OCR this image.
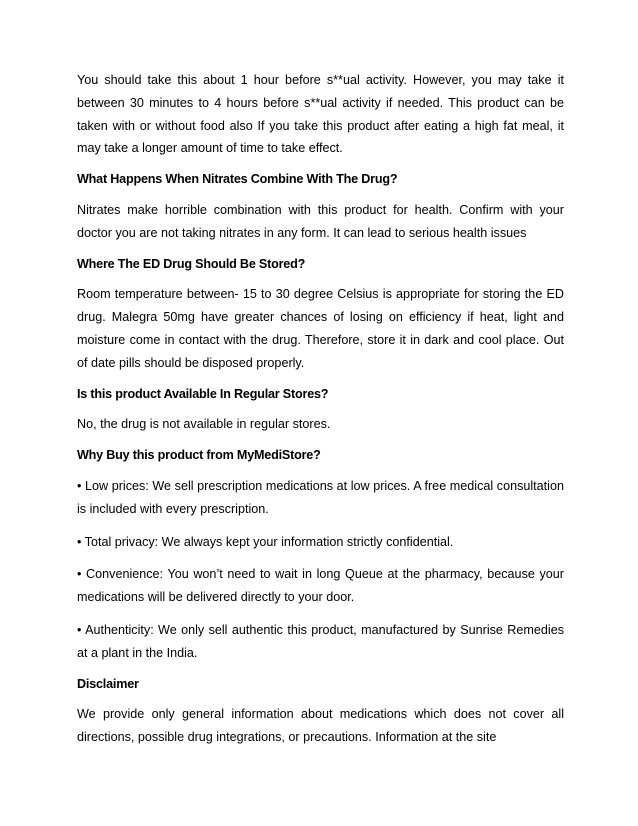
You should take this about 1 hour before s**ual activity. However, you may take it between 30 minutes to 4 hours before s**ual activity if needed. This product can be taken with or without food also If you take this product after eating a high fat meal, it may take a longer amount of time to take effect.

What Happens When Nitrates Combine With The Drug?

Nitrates make horrible combination with this product for health. Confirm with your doctor you are not taking nitrates in any form. It can lead to serious health issues

Where The ED Drug Should Be Stored?

Room temperature between- 15 to 30 degree Celsius is appropriate for storing the ED drug. Malegra 50mg have greater chances of losing on efficiency if heat, light and moisture come in contact with the drug. Therefore, store it in dark and cool place. Out of date pills should be disposed properly.

Is this product Available In Regular Stores?

No, the drug is not available in regular stores.

Why Buy this product from MyMediStore?

• Low prices: We sell prescription medications at low prices. A free medical consultation is included with every prescription.

• Total privacy: We always kept your information strictly confidential.

• Convenience: You won’t need to wait in long Queue at the pharmacy, because your medications will be delivered directly to your door.

• Authenticity: We only sell authentic this product, manufactured by Sunrise Remedies at a plant in the India.

Disclaimer

We provide only general information about medications which does not cover all directions, possible drug integrations, or precautions. Information at the site
